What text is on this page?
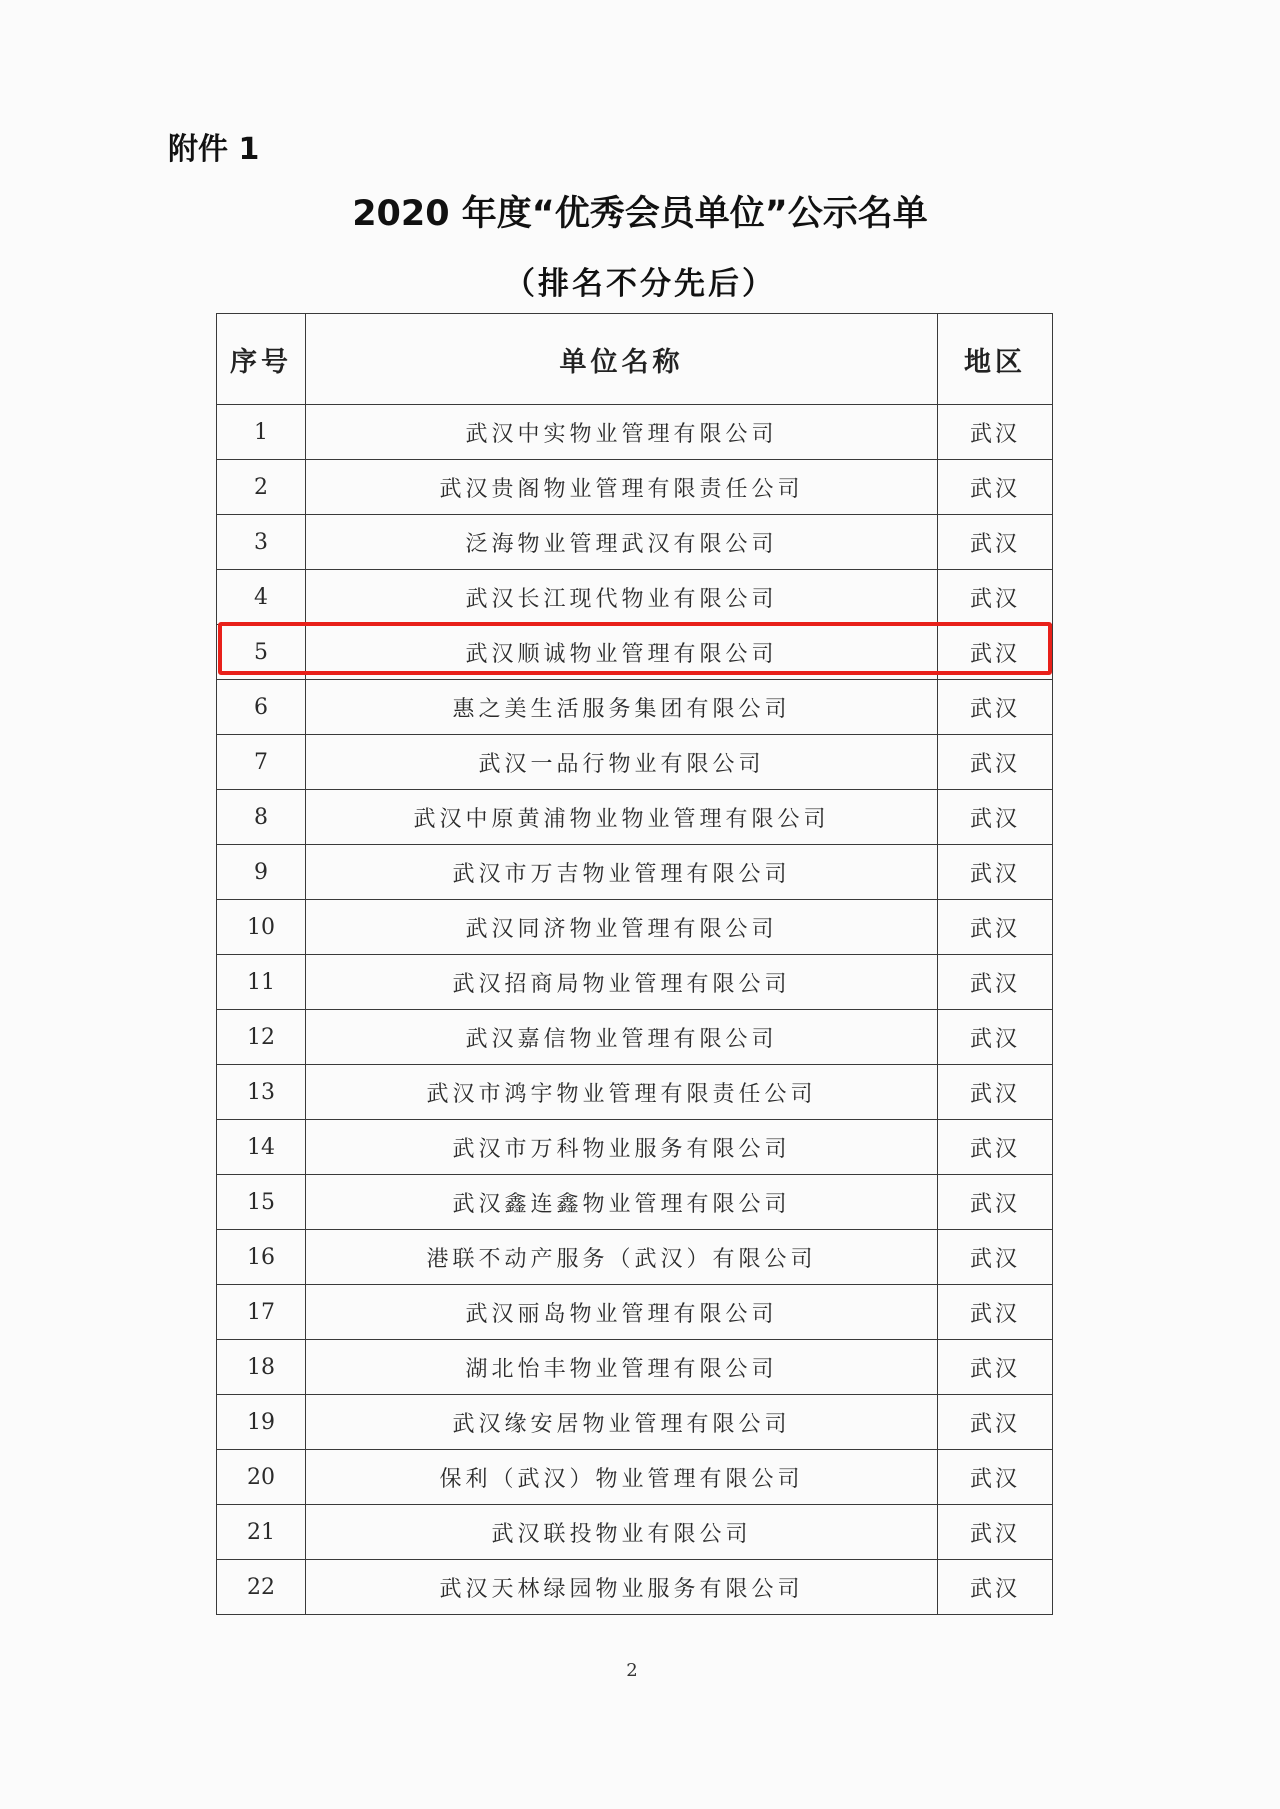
附件 1
2020 年度“优秀会员单位”公示名单
（排名不分先后）
序号	单位名称	地区
1	武汉中实物业管理有限公司	武汉
2	武汉贵阁物业管理有限责任公司	武汉
3	泛海物业管理武汉有限公司	武汉
4	武汉长江现代物业有限公司	武汉
5	武汉顺诚物业管理有限公司	武汉
6	惠之美生活服务集团有限公司	武汉
7	武汉一品行物业有限公司	武汉
8	武汉中原黄浦物业物业管理有限公司	武汉
9	武汉市万吉物业管理有限公司	武汉
10	武汉同济物业管理有限公司	武汉
11	武汉招商局物业管理有限公司	武汉
12	武汉嘉信物业管理有限公司	武汉
13	武汉市鸿宇物业管理有限责任公司	武汉
14	武汉市万科物业服务有限公司	武汉
15	武汉鑫连鑫物业管理有限公司	武汉
16	港联不动产服务（武汉）有限公司	武汉
17	武汉丽岛物业管理有限公司	武汉
18	湖北怡丰物业管理有限公司	武汉
19	武汉缘安居物业管理有限公司	武汉
20	保利（武汉）物业管理有限公司	武汉
21	武汉联投物业有限公司	武汉
22	武汉天林绿园物业服务有限公司	武汉
2
